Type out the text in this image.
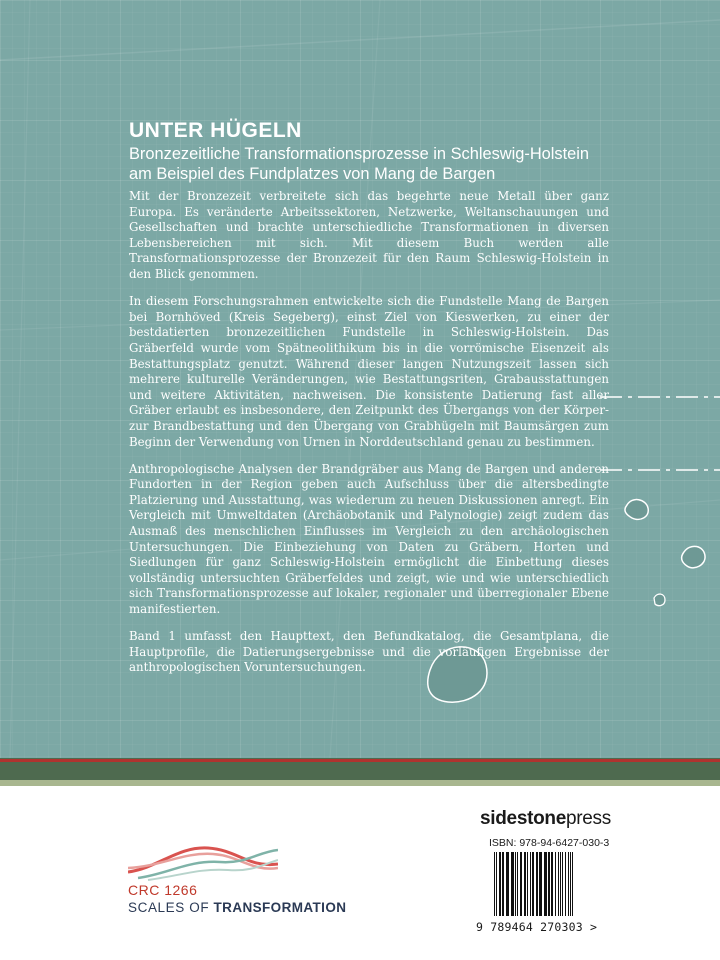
UNTER HÜGELN

Bronzezeitliche Transformationsprozesse in Schleswig-Holstein am Beispiel des Fundplatzes von Mang de Bargen

Mit der Bronzezeit verbreitete sich das begehrte neue Metall über ganz Europa. Es veränderte Arbeitssektoren, Netzwerke, Weltanschauungen und Gesellschaften und brachte unterschiedliche Transformationen in diversen Lebensbereichen mit sich. Mit diesem Buch werden alle Transformationsprozesse der Bronzezeit für den Raum Schleswig-Holstein in den Blick genommen.

In diesem Forschungsrahmen entwickelte sich die Fundstelle Mang de Bargen bei Bornhöved (Kreis Segeberg), einst Ziel von Kieswerken, zu einer der bestdatierten bronzezeitlichen Fundstelle in Schleswig-Holstein. Das Gräberfeld wurde vom Spätneolithikum bis in die vorrömische Eisenzeit als Bestattungsplatz genutzt. Während dieser langen Nutzungszeit lassen sich mehrere kulturelle Veränderungen, wie Bestattungsriten, Grabausstattungen und weitere Aktivitäten, nachweisen. Die konsistente Datierung fast aller Gräber erlaubt es insbesondere, den Zeitpunkt des Übergangs von der Körper- zur Brandbestattung und den Übergang von Grabhügeln mit Baumsärgen zum Beginn der Verwendung von Urnen in Norddeutschland genau zu bestimmen.

Anthropologische Analysen der Brandgräber aus Mang de Bargen und anderen Fundorten in der Region geben auch Aufschluss über die altersbedingte Platzierung und Ausstattung, was wiederum zu neuen Diskussionen anregt. Ein Vergleich mit Umweltdaten (Archäobotanik und Palynologie) zeigt zudem das Ausmaß des menschlichen Einflusses im Vergleich zu den archäologischen Untersuchungen. Die Einbeziehung von Daten zu Gräbern, Horten und Siedlungen für ganz Schleswig-Holstein ermöglicht die Einbettung dieses vollständig untersuchten Gräberfeldes und zeigt, wie und wie unterschiedlich sich Transformationsprozesse auf lokaler, regionaler und überregionaler Ebene manifestierten.

Band 1 umfasst den Haupttext, den Befundkatalog, die Gesamtplana, die Hauptprofile, die Datierungsergebnisse und die vorläufigen Ergebnisse der anthropologischen Voruntersuchungen.

sidestonepress
ISBN: 978-94-6427-030-3
9 789464 270303 >
CRC 1266
SCALES OF TRANSFORMATION
